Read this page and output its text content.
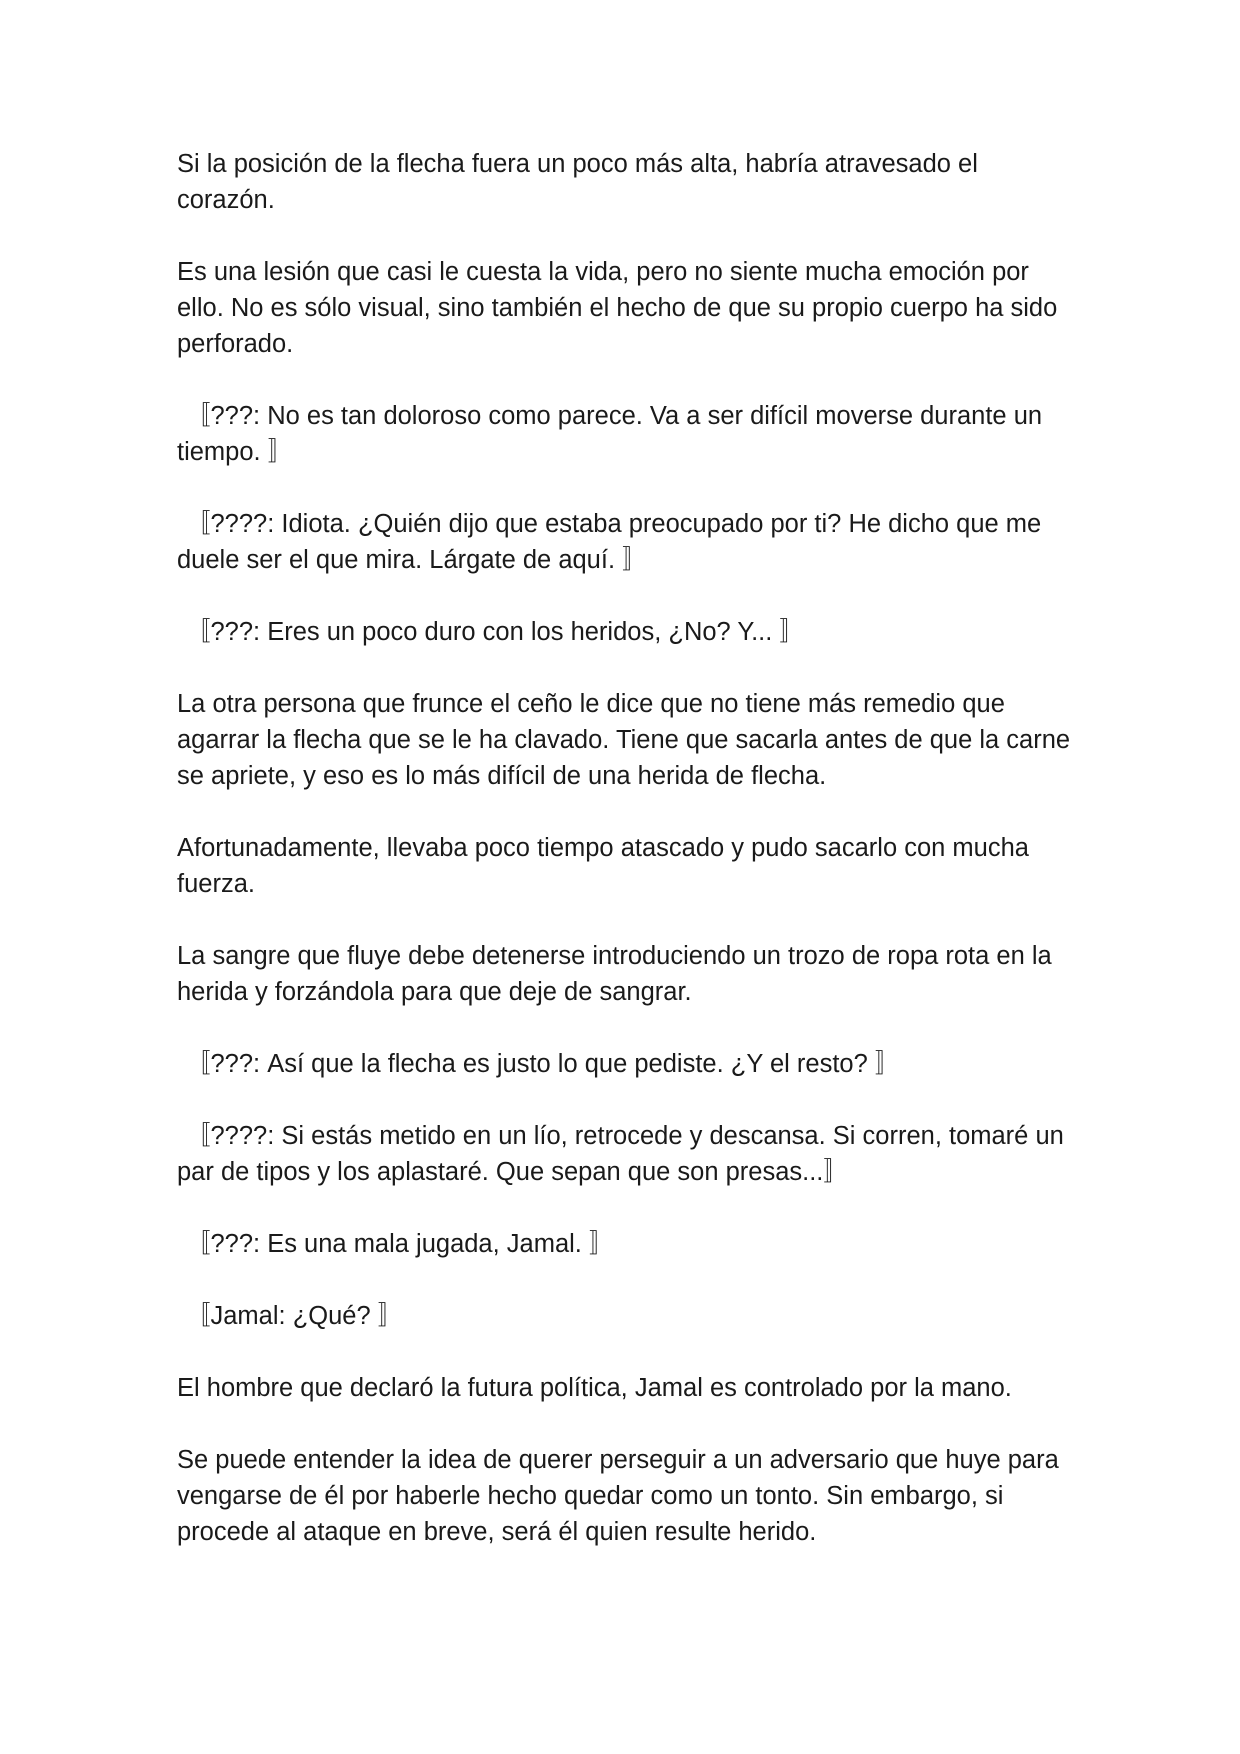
Si la posición de la flecha fuera un poco más alta, habría atravesado el corazón.

Es una lesión que casi le cuesta la vida, pero no siente mucha emoción por ello. No es sólo visual, sino también el hecho de que su propio cuerpo ha sido perforado.

〚???: No es tan doloroso como parece. Va a ser difícil moverse durante un tiempo. 〛

〚????: Idiota. ¿Quién dijo que estaba preocupado por ti? He dicho que me duele ser el que mira. Lárgate de aquí. 〛

〚???: Eres un poco duro con los heridos, ¿No? Y... 〛

La otra persona que frunce el ceño le dice que no tiene más remedio que agarrar la flecha que se le ha clavado. Tiene que sacarla antes de que la carne se apriete, y eso es lo más difícil de una herida de flecha.

Afortunadamente, llevaba poco tiempo atascado y pudo sacarlo con mucha fuerza.

La sangre que fluye debe detenerse introduciendo un trozo de ropa rota en la herida y forzándola para que deje de sangrar.

〚???: Así que la flecha es justo lo que pediste. ¿Y el resto? 〛

〚????: Si estás metido en un lío, retrocede y descansa. Si corren, tomaré un par de tipos y los aplastaré. Que sepan que son presas...〛

〚???: Es una mala jugada, Jamal. 〛

〚Jamal: ¿Qué? 〛

El hombre que declaró la futura política, Jamal es controlado por la mano.

Se puede entender la idea de querer perseguir a un adversario que huye para vengarse de él por haberle hecho quedar como un tonto. Sin embargo, si procede al ataque en breve, será él quien resulte herido.
